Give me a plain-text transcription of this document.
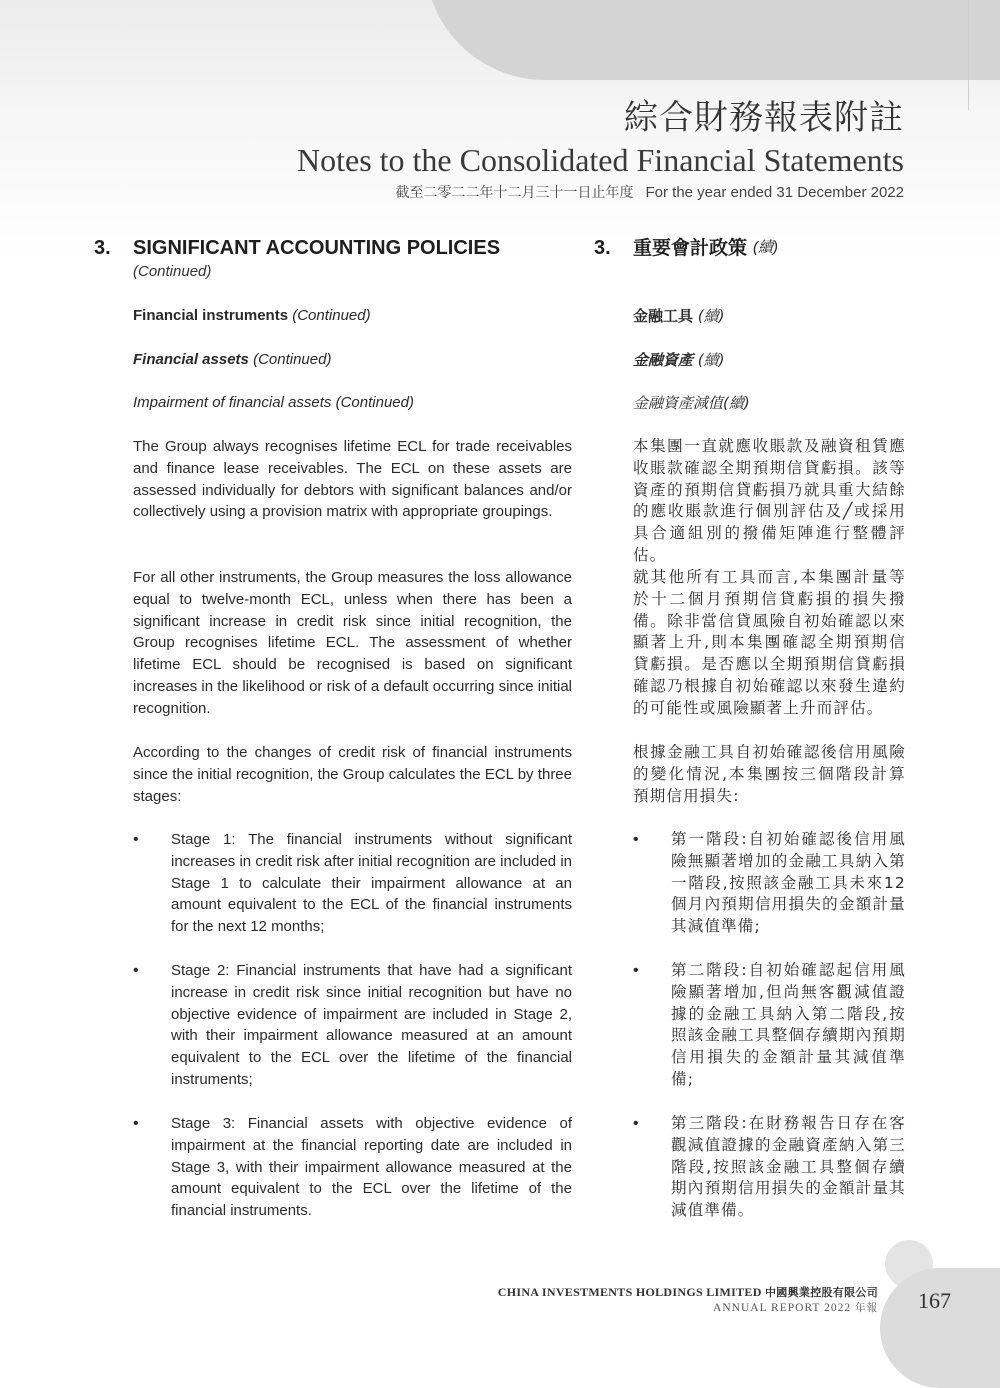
綜合財務報表附註
Notes to the Consolidated Financial Statements
截至二零二二年十二月三十一日止年度 For the year ended 31 December 2022
3.	SIGNIFICANT ACCOUNTING POLICIES
(Continued)
Financial instruments (Continued)
Financial assets (Continued)
Impairment of financial assets (Continued)
The Group always recognises lifetime ECL for trade receivables and finance lease receivables. The ECL on these assets are assessed individually for debtors with significant balances and/or collectively using a provision matrix with appropriate groupings.
For all other instruments, the Group measures the loss allowance equal to twelve-month ECL, unless when there has been a significant increase in credit risk since initial recognition, the Group recognises lifetime ECL. The assessment of whether lifetime ECL should be recognised is based on significant increases in the likelihood or risk of a default occurring since initial recognition.
According to the changes of credit risk of financial instruments since the initial recognition, the Group calculates the ECL by three stages:
• Stage 1: The financial instruments without significant increases in credit risk after initial recognition are included in Stage 1 to calculate their impairment allowance at an amount equivalent to the ECL of the financial instruments for the next 12 months;
• Stage 2: Financial instruments that have had a significant increase in credit risk since initial recognition but have no objective evidence of impairment are included in Stage 2, with their impairment allowance measured at an amount equivalent to the ECL over the lifetime of the financial instruments;
• Stage 3: Financial assets with objective evidence of impairment at the financial reporting date are included in Stage 3, with their impairment allowance measured at the amount equivalent to the ECL over the lifetime of the financial instruments.
3.	重要會計政策 (續)
金融工具 (續)
金融資產 (續)
金融資產減值(續)
本集團一直就應收賬款及融資租賃應收賬款確認全期預期信貸虧損。該等資產的預期信貸虧損乃就具重大結餘的應收賬款進行個別評估及╱或採用具合適組別的撥備矩陣進行整體評估。
就其他所有工具而言,本集團計量等於十二個月預期信貸虧損的損失撥備。除非當信貸風險自初始確認以來顯著上升,則本集團確認全期預期信貸虧損。是否應以全期預期信貸虧損確認乃根據自初始確認以來發生違約的可能性或風險顯著上升而評估。
根據金融工具自初始確認後信用風險的變化情況,本集團按三個階段計算預期信用損失:
• 第一階段:自初始確認後信用風險無顯著增加的金融工具納入第一階段,按照該金融工具未來12個月內預期信用損失的金額計量其減值準備;
• 第二階段:自初始確認起信用風險顯著增加,但尚無客觀減值證據的金融工具納入第二階段,按照該金融工具整個存續期內預期信用損失的金額計量其減值準備;
• 第三階段:在財務報告日存在客觀減值證據的金融資產納入第三階段,按照該金融工具整個存續期內預期信用損失的金額計量其減值準備。
CHINA INVESTMENTS HOLDINGS LIMITED 中國興業控股有限公司
ANNUAL REPORT 2022 年報 167
